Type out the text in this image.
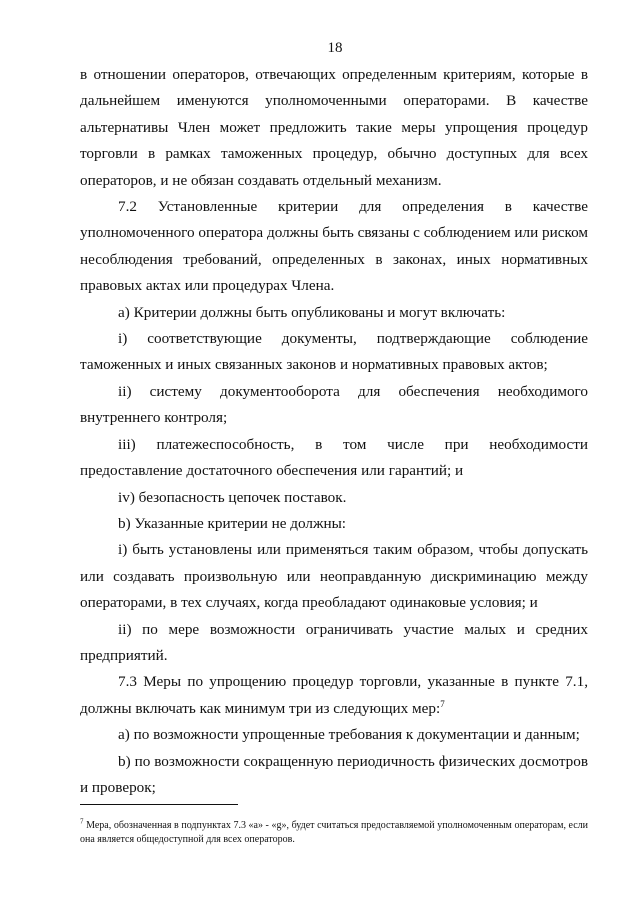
18

в отношении операторов, отвечающих определенным критериям, которые в дальнейшем именуются уполномоченными операторами. В качестве альтернативы Член может предложить такие меры упрощения процедур торговли в рамках таможенных процедур, обычно доступных для всех операторов, и не обязан создавать отдельный механизм.

7.2 Установленные критерии для определения в качестве уполномоченного оператора должны быть связаны с соблюдением или риском несоблюдения требований, определенных в законах, иных нормативных правовых актах или процедурах Члена.

а) Критерии должны быть опубликованы и могут включать:

i) соответствующие документы, подтверждающие соблюдение таможенных и иных связанных законов и нормативных правовых актов;

ii) систему документооборота для обеспечения необходимого внутреннего контроля;

iii) платежеспособность, в том числе при необходимости предоставление достаточного обеспечения или гарантий; и

iv) безопасность цепочек поставок.

b) Указанные критерии не должны:

i) быть установлены или применяться таким образом, чтобы допускать или создавать произвольную или неоправданную дискриминацию между операторами, в тех случаях, когда преобладают одинаковые условия; и

ii) по мере возможности ограничивать участие малых и средних предприятий.

7.3 Меры по упрощению процедур торговли, указанные в пункте 7.1, должны включать как минимум три из следующих мер:$^7$

а) по возможности упрощенные требования к документации и данным;

b) по возможности сокращенную периодичность физических досмотров и проверок;

$^7$ Мера, обозначенная в подпунктах 7.3 «а» - «g», будет считаться предоставляемой уполномоченным операторам, если она является общедоступной для всех операторов.
